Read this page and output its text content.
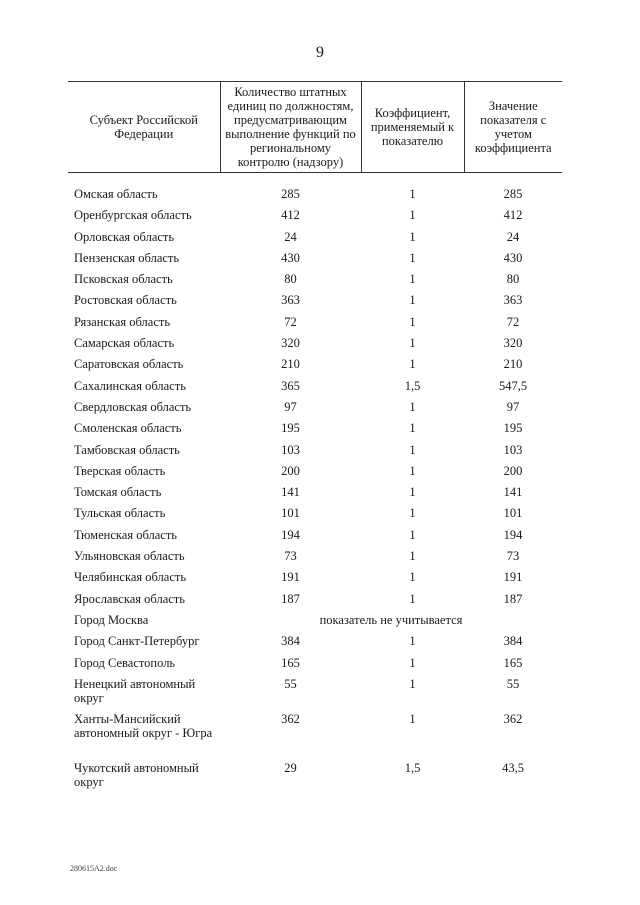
9
Субъект Российской Федерации	Количество штатных единиц по должностям, предусматривающим выполнение функций по региональному контролю (надзору)	Коэффициент, применяемый к показателю	Значение показателя с учетом коэффициента
Омская область	285	1	285
Оренбургская область	412	1	412
Орловская область	24	1	24
Пензенская область	430	1	430
Псковская область	80	1	80
Ростовская область	363	1	363
Рязанская область	72	1	72
Самарская область	320	1	320
Саратовская область	210	1	210
Сахалинская область	365	1,5	547,5
Свердловская область	97	1	97
Смоленская область	195	1	195
Тамбовская область	103	1	103
Тверская область	200	1	200
Томская область	141	1	141
Тульская область	101	1	101
Тюменская область	194	1	194
Ульяновская область	73	1	73
Челябинская область	191	1	191
Ярославская область	187	1	187
Город Москва	показатель не учитывается		
Город Санкт-Петербург	384	1	384
Город Севастополь	165	1	165
Ненецкий автономный округ	55	1	55
Ханты-Мансийский автономный округ - Югра	362	1	362
Чукотский автономный округ	29	1,5	43,5
280615A2.doc
